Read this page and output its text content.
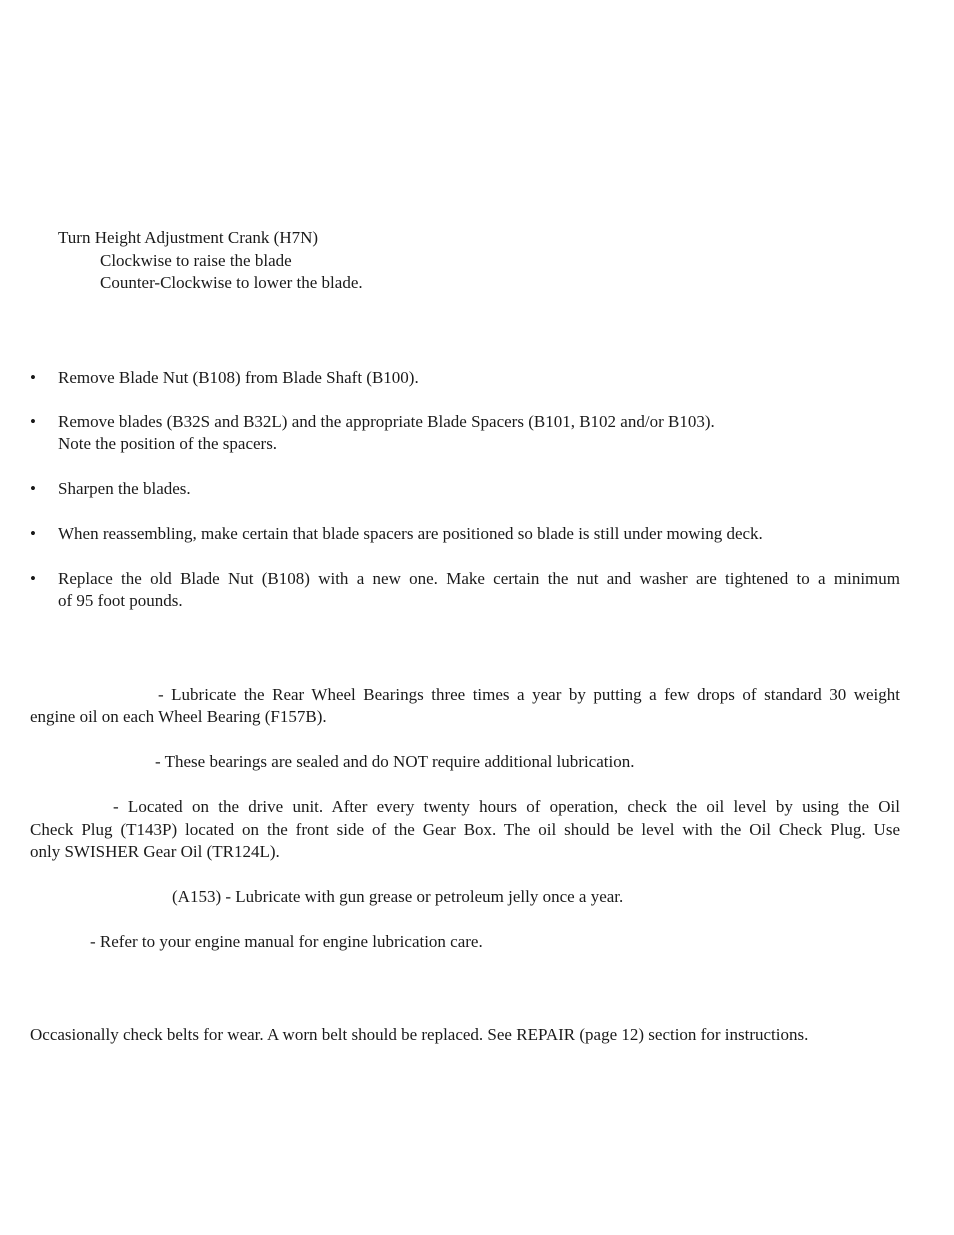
Turn Height Adjustment Crank (H7N)
Clockwise to raise the blade
Counter-Clockwise to lower the blade.
• Remove Blade Nut (B108) from Blade Shaft (B100).
• Remove blades (B32S and B32L) and the appropriate Blade Spacers (B101, B102 and/or B103).
Note the position of the spacers.
• Sharpen the blades.
• When reassembling, make certain that blade spacers are positioned so blade is still under mowing deck.
• Replace the old Blade Nut (B108) with a new one. Make certain the nut and washer are tightened to a minimum
of 95 foot pounds.
- Lubricate the Rear Wheel Bearings three times a year by putting a few drops of standard 30 weight
engine oil on each Wheel Bearing (F157B).
- These bearings are sealed and do NOT require additional lubrication.
- Located on the drive unit. After every twenty hours of operation, check the oil level by using the Oil
Check Plug (T143P) located on the front side of the Gear Box. The oil should be level with the Oil Check Plug. Use
only SWISHER Gear Oil (TR124L).
(A153) - Lubricate with gun grease or petroleum jelly once a year.
- Refer to your engine manual for engine lubrication care.
Occasionally check belts for wear. A worn belt should be replaced. See REPAIR (page 12) section for instructions.
